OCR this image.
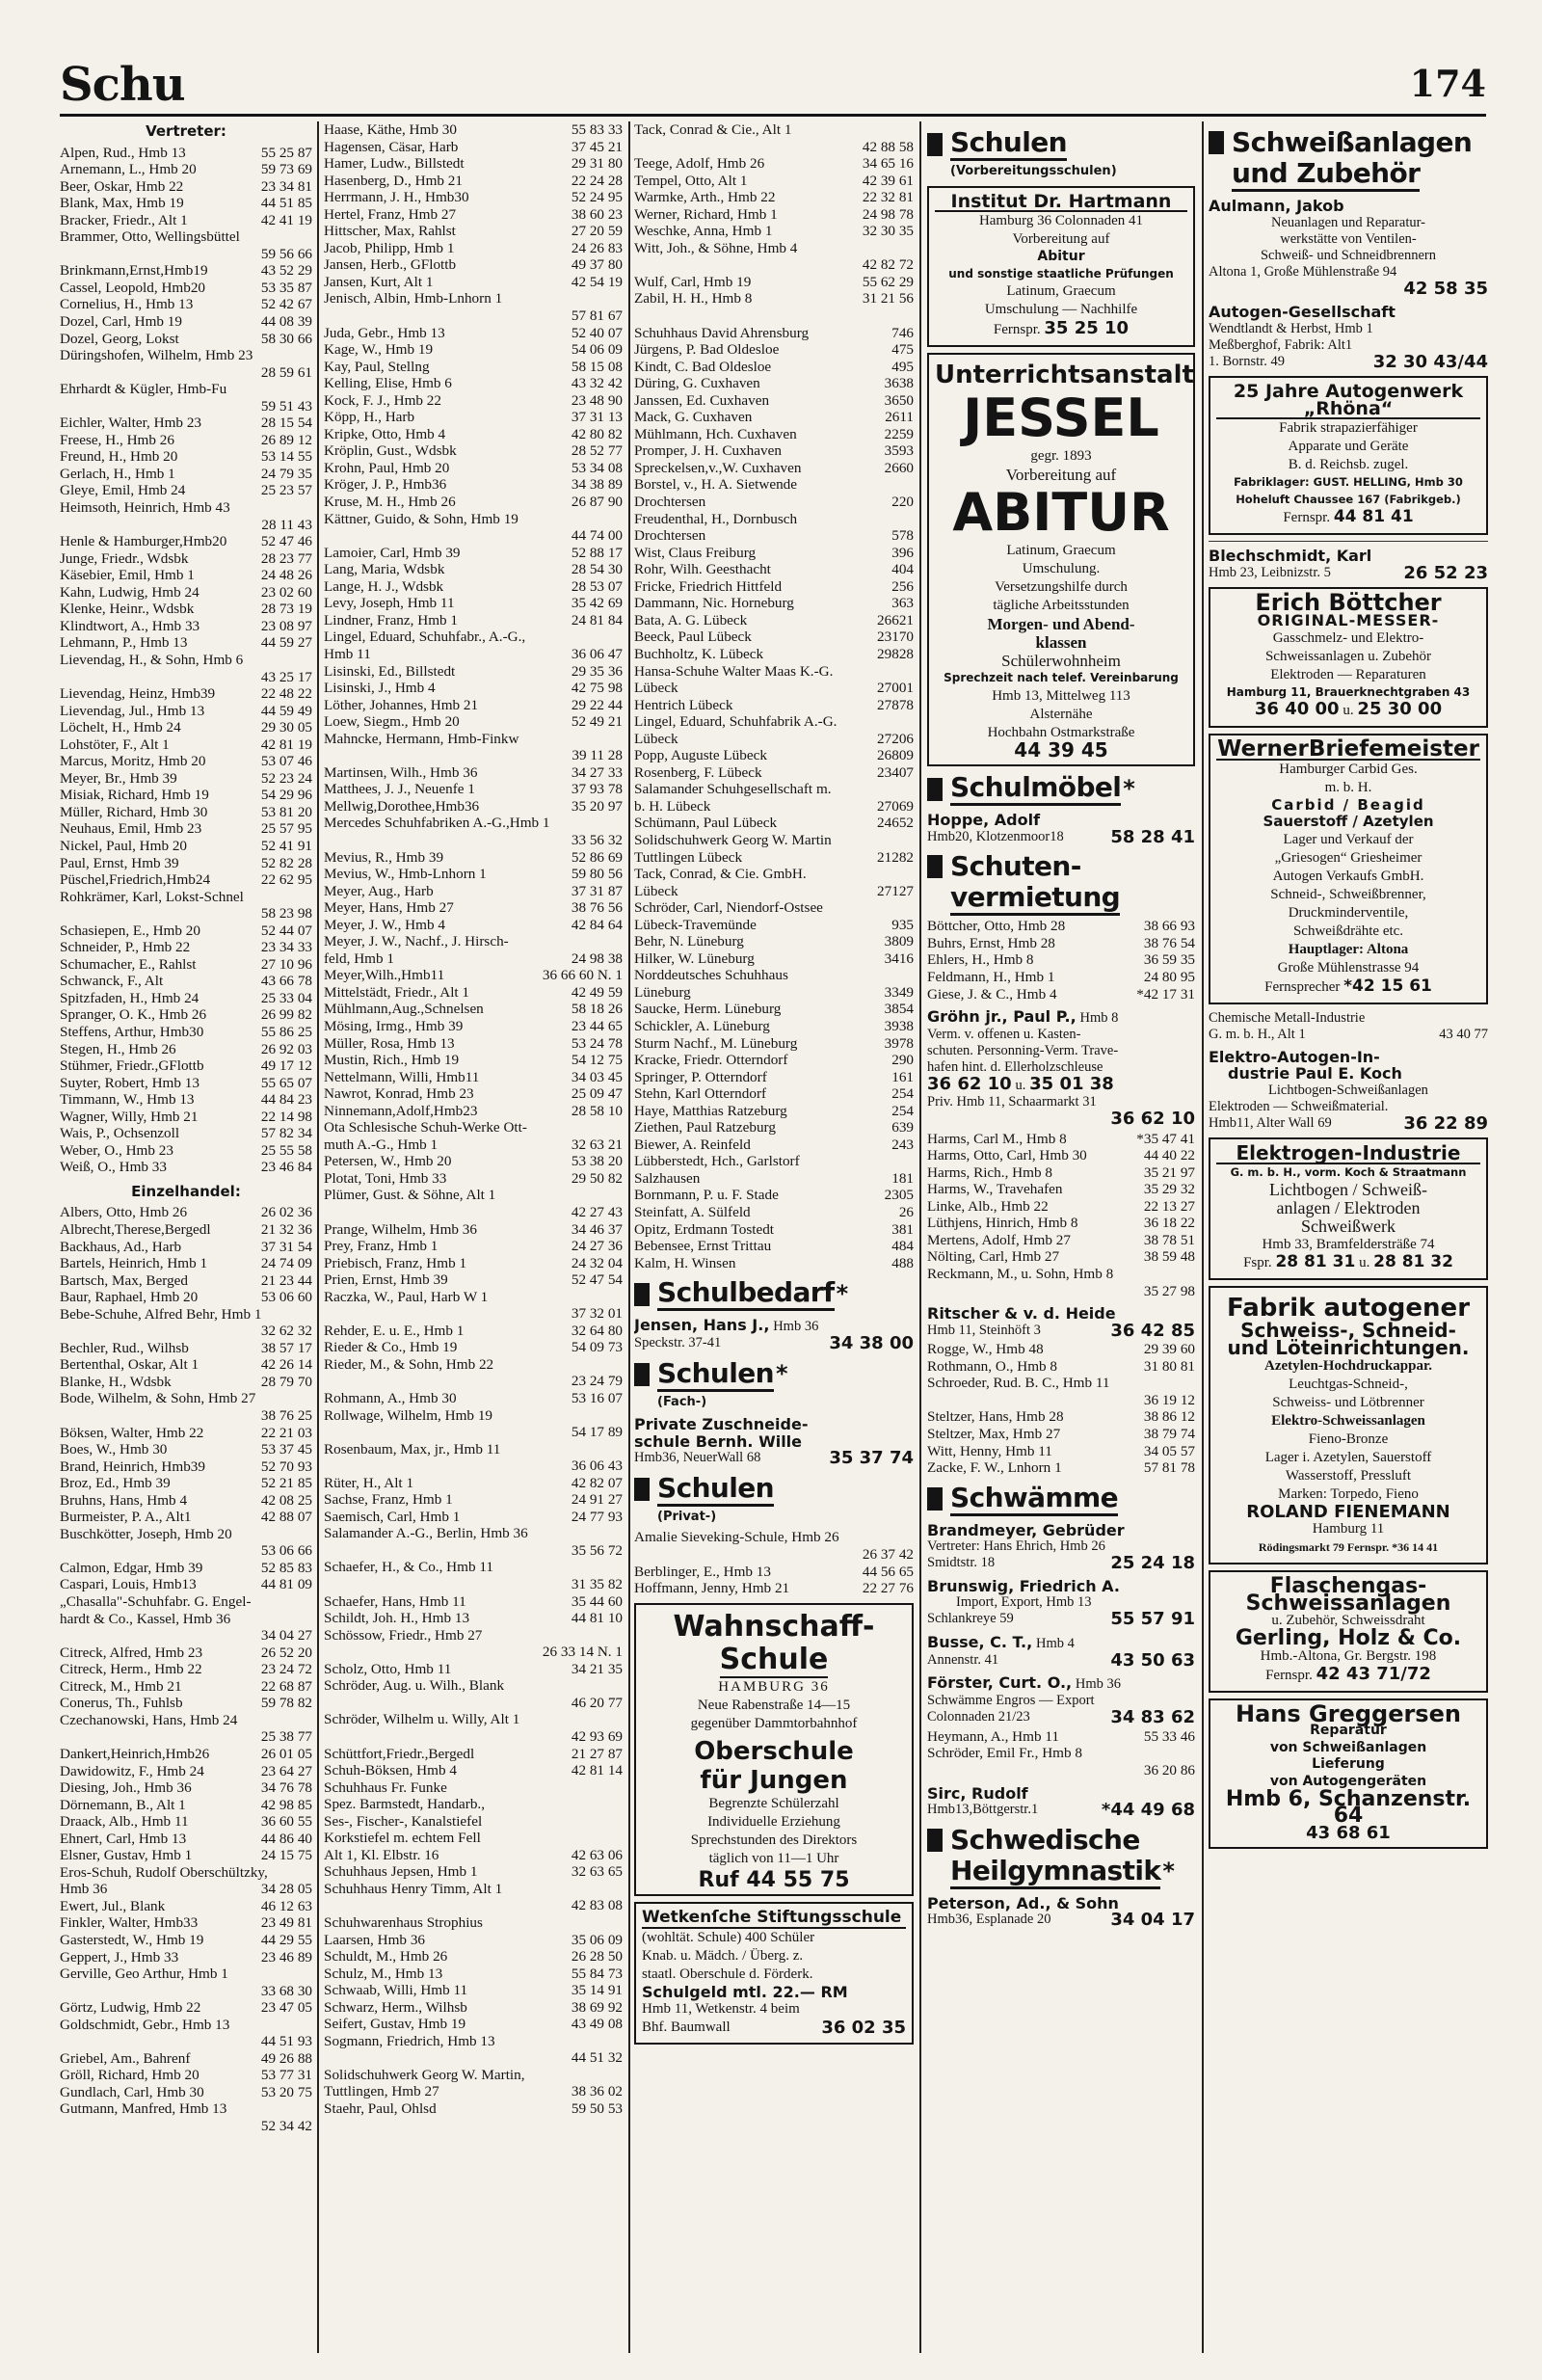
Schu	174
Vertreter:
Alpen, Rud., Hmb 13	55 25 87
Arnemann, L., Hmb 20	59 73 69
Beer, Oskar, Hmb 22	23 34 81
Blank, Max, Hmb 19	44 51 85
Bracker, Friedr., Alt 1	42 41 19
Brammer, Otto, Wellingsbüttel
59 56 66
Brinkmann,Ernst,Hmb19	43 52 29
Cassel, Leopold, Hmb20	53 35 87
Cornelius, H., Hmb 13	52 42 67
Dozel, Carl, Hmb 19	44 08 39
Dozel, Georg, Lokst	58 30 66
Düringshofen, Wilhelm, Hmb 23
28 59 61
Ehrhardt & Kügler, Hmb-Fu
59 51 43
Eichler, Walter, Hmb 23	28 15 54
Freese, H., Hmb 26	26 89 12
Freund, H., Hmb 20	53 14 55
Gerlach, H., Hmb 1	24 79 35
Gleye, Emil, Hmb 24	25 23 57
Heimsoth, Heinrich, Hmb 43
28 11 43
Henle & Hamburger,Hmb20	52 47 46
Junge, Friedr., Wdsbk	28 23 77
Käsebier, Emil, Hmb 1	24 48 26
Kahn, Ludwig, Hmb 24	23 02 60
Klenke, Heinr., Wdsbk	28 73 19
Klindtwort, A., Hmb 33	23 08 97
Lehmann, P., Hmb 13	44 59 27
Lievendag, H., & Sohn, Hmb 6
43 25 17
Lievendag, Heinz, Hmb39	22 48 22
Lievendag, Jul., Hmb 13	44 59 49
Löchelt, H., Hmb 24	29 30 05
Lohstöter, F., Alt 1	42 81 19
Marcus, Moritz, Hmb 20	53 07 46
Meyer, Br., Hmb 39	52 23 24
Misiak, Richard, Hmb 19	54 29 96
Müller, Richard, Hmb 30	53 81 20
Neuhaus, Emil, Hmb 23	25 57 95
Nickel, Paul, Hmb 20	52 41 91
Paul, Ernst, Hmb 39	52 82 28
Püschel,Friedrich,Hmb24	22 62 95
Rohkrämer, Karl, Lokst-Schnel
58 23 98
Schasiepen, E., Hmb 20	52 44 07
Schneider, P., Hmb 22	23 34 33
Schumacher, E., Rahlst	27 10 96
Schwanck, F., Alt	43 66 78
Spitzfaden, H., Hmb 24	25 33 04
Spranger, O. K., Hmb 26	26 99 82
Steffens, Arthur, Hmb30	55 86 25
Stegen, H., Hmb 26	26 92 03
Stühmer, Friedr.,GFlottb	49 17 12
Suyter, Robert, Hmb 13	55 65 07
Timmann, W., Hmb 13	44 84 23
Wagner, Willy, Hmb 21	22 14 98
Wais, P., Ochsenzoll	57 82 34
Weber, O., Hmb 23	25 55 58
Weiß, O., Hmb 33	23 46 84
Einzelhandel:
Albers, Otto, Hmb 26	26 02 36
Albrecht,Therese,Bergedl	21 32 36
Backhaus, Ad., Harb	37 31 54
Bartels, Heinrich, Hmb 1	24 74 09
Bartsch, Max, Berged	21 23 44
Baur, Raphael, Hmb 20	53 06 60
Bebe-Schuhe, Alfred Behr, Hmb 1
32 62 32
Bechler, Rud., Wilhsb	38 57 17
Bertenthal, Oskar, Alt 1	42 26 14
Blanke, H., Wdsbk	28 79 70
Bode, Wilhelm, & Sohn, Hmb 27
38 76 25
Böksen, Walter, Hmb 22	22 21 03
Boes, W., Hmb 30	53 37 45
Brand, Heinrich, Hmb39	52 70 93
Broz, Ed., Hmb 39	52 21 85
Bruhns, Hans, Hmb 4	42 08 25
Burmeister, P. A., Alt1	42 88 07
Buschkötter, Joseph, Hmb 20
53 06 66
Calmon, Edgar, Hmb 39	52 85 83
Caspari, Louis, Hmb13	44 81 09
„Chasalla"-Schuhfabr. G. Engel-
hardt & Co., Kassel, Hmb 36
34 04 27
Citreck, Alfred, Hmb 23	26 52 20
Citreck, Herm., Hmb 22	23 24 72
Citreck, M., Hmb 21	22 68 87
Conerus, Th., Fuhlsb	59 78 82
Czechanowski, Hans, Hmb 24
25 38 77
Dankert,Heinrich,Hmb26	26 01 05
Dawidowitz, F., Hmb 24	23 64 27
Diesing, Joh., Hmb 36	34 76 78
Dörnemann, B., Alt 1	42 98 85
Draack, Alb., Hmb 11	36 60 55
Ehnert, Carl, Hmb 13	44 86 40
Elsner, Gustav, Hmb 1	24 15 75
Eros-Schuh, Rudolf Oberschültzky,
Hmb 36	34 28 05
Ewert, Jul., Blank	46 12 63
Finkler, Walter, Hmb33	23 49 81
Gasterstedt, W., Hmb 19	44 29 55
Geppert, J., Hmb 33	23 46 89
Gerville, Geo Arthur, Hmb 1
33 68 30
Görtz, Ludwig, Hmb 22	23 47 05
Goldschmidt, Gebr., Hmb 13
44 51 93
Griebel, Am., Bahrenf	49 26 88
Gröll, Richard, Hmb 20	53 77 31
Gundlach, Carl, Hmb 30	53 20 75
Gutmann, Manfred, Hmb 13
52 34 42
Haase, Käthe, Hmb 30	55 83 33
Hagensen, Cäsar, Harb	37 45 21
Hamer, Ludw., Billstedt	29 31 80
Hasenberg, D., Hmb 21	22 24 28
Herrmann, J. H., Hmb30	52 24 95
Hertel, Franz, Hmb 27	38 60 23
Hittscher, Max, Rahlst	27 20 59
Jacob, Philipp, Hmb 1	24 26 83
Jansen, Herb., GFlottb	49 37 80
Jansen, Kurt, Alt 1	42 54 19
Jenisch, Albin, Hmb-Lnhorn 1
57 81 67
Juda, Gebr., Hmb 13	52 40 07
Kage, W., Hmb 19	54 06 09
Kay, Paul, Stellng	58 15 08
Kelling, Elise, Hmb 6	43 32 42
Kock, F. J., Hmb 22	23 48 90
Köpp, H., Harb	37 31 13
Kripke, Otto, Hmb 4	42 80 82
Kröplin, Gust., Wdsbk	28 52 77
Krohn, Paul, Hmb 20	53 34 08
Kröger, J. P., Hmb36	34 38 89
Kruse, M. H., Hmb 26	26 87 90
Kättner, Guido, & Sohn, Hmb 19
44 74 00
Lamoier, Carl, Hmb 39	52 88 17
Lang, Maria, Wdsbk	28 54 30
Lange, H. J., Wdsbk	28 53 07
Levy, Joseph, Hmb 11	35 42 69
Lindner, Franz, Hmb 1	24 81 84
Lingel, Eduard, Schuhfabr., A.-G.,
Hmb 11	36 06 47
Lisinski, Ed., Billstedt	29 35 36
Lisinski, J., Hmb 4	42 75 98
Löther, Johannes, Hmb 21	29 22 44
Loew, Siegm., Hmb 20	52 49 21
Mahncke, Hermann, Hmb-Finkw
39 11 28
Martinsen, Wilh., Hmb 36	34 27 33
Matthees, J. J., Neuenfe 1	37 93 78
Mellwig,Dorothee,Hmb36	35 20 97
Mercedes Schuhfabriken A.-G.,Hmb 1
33 56 32
Mevius, R., Hmb 39	52 86 69
Mevius, W., Hmb-Lnhorn 1	59 80 56
Meyer, Aug., Harb	37 31 87
Meyer, Hans, Hmb 27	38 76 56
Meyer, J. W., Hmb 4	42 84 64
Meyer, J. W., Nachf., J. Hirsch-
feld, Hmb 1	24 98 38
Meyer,Wilh.,Hmb11	36 66 60 N. 1
Mittelstädt, Friedr., Alt 1	42 49 59
Mühlmann,Aug.,Schnelsen	58 18 26
Mösing, Irmg., Hmb 39	23 44 65
Müller, Rosa, Hmb 13	53 24 78
Mustin, Rich., Hmb 19	54 12 75
Nettelmann, Willi, Hmb11	34 03 45
Nawrot, Konrad, Hmb 23	25 09 47
Ninnemann,Adolf,Hmb23	28 58 10
Ota Schlesische Schuh-Werke Ott-
muth A.-G., Hmb 1	32 63 21
Petersen, W., Hmb 20	53 38 20
Plotat, Toni, Hmb 33	29 50 82
Plümer, Gust. & Söhne, Alt 1
42 27 43
Prange, Wilhelm, Hmb 36	34 46 37
Prey, Franz, Hmb 1	24 27 36
Priebisch, Franz, Hmb 1	24 32 04
Prien, Ernst, Hmb 39	52 47 54
Raczka, W., Paul, Harb W 1
37 32 01
Rehder, E. u. E., Hmb 1	32 64 80
Rieder & Co., Hmb 19	54 09 73
Rieder, M., & Sohn, Hmb 22
23 24 79
Rohmann, A., Hmb 30	53 16 07
Rollwage, Wilhelm, Hmb 19
54 17 89
Rosenbaum, Max, jr., Hmb 11
36 06 43
Rüter, H., Alt 1	42 82 07
Sachse, Franz, Hmb 1	24 91 27
Saemisch, Carl, Hmb 1	24 77 93
Salamander A.-G., Berlin, Hmb 36
35 56 72
Schaefer, H., & Co., Hmb 11
31 35 82
Schaefer, Hans, Hmb 11	35 44 60
Schildt, Joh. H., Hmb 13	44 81 10
Schössow, Friedr., Hmb 27
26 33 14 N. 1
Scholz, Otto, Hmb 11	34 21 35
Schröder, Aug. u. Wilh., Blank
46 20 77
Schröder, Wilhelm u. Willy, Alt 1
42 93 69
Schüttfort,Friedr.,Bergedl	21 27 87
Schuh-Böksen, Hmb 4	42 81 14
Schuhhaus Fr. Funke
Spez. Barmstedt, Handarb.,
Ses-, Fischer-, Kanalstiefel
Korkstiefel m. echtem Fell
Alt 1, Kl. Elbstr. 16	42 63 06
Schuhhaus Jepsen, Hmb 1	32 63 65
Schuhhaus Henry Timm, Alt 1
42 83 08
Schuhwarenhaus Strophius
Laarsen, Hmb 36	35 06 09
Schuldt, M., Hmb 26	26 28 50
Schulz, M., Hmb 13	55 84 73
Schwaab, Willi, Hmb 11	35 14 91
Schwarz, Herm., Wilhsb	38 69 92
Seifert, Gustav, Hmb 19	43 49 08
Sogmann, Friedrich, Hmb 13
44 51 32
Solidschuhwerk Georg W. Martin,
Tuttlingen, Hmb 27	38 36 02
Staehr, Paul, Ohlsd	59 50 53
Tack, Conrad & Cie., Alt 1
42 88 58
Teege, Adolf, Hmb 26	34 65 16
Tempel, Otto, Alt 1	42 39 61
Warmke, Arth., Hmb 22	22 32 81
Werner, Richard, Hmb 1	24 98 78
Weschke, Anna, Hmb 1	32 30 35
Witt, Joh., & Söhne, Hmb 4
42 82 72
Wulf, Carl, Hmb 19	55 62 29
Zabil, H. H., Hmb 8	31 21 56

Schuhhaus David Ahrensburg	746
Jürgens, P. Bad Oldesloe	475
Kindt, C. Bad Oldesloe	495
Düring, G. Cuxhaven	3638
Janssen, Ed. Cuxhaven	3650
Mack, G. Cuxhaven	2611
Mühlmann, Hch. Cuxhaven	2259
Promper, J. H. Cuxhaven	3593
Spreckelsen,v.,W. Cuxhaven	2660
Borstel, v., H. A. Sietwende
Drochtersen	220
Freudenthal, H., Dornbusch
Drochtersen	578
Wist, Claus Freiburg	396
Rohr, Wilh. Geesthacht	404
Fricke, Friedrich Hittfeld	256
Dammann, Nic. Horneburg	363
Bata, A. G. Lübeck	26621
Beeck, Paul Lübeck	23170
Buchholtz, K. Lübeck	29828
Hansa-Schuhe Walter Maas K.-G.
Lübeck	27001
Hentrich Lübeck	27878
Lingel, Eduard, Schuhfabrik A.-G.
Lübeck	27206
Popp, Auguste Lübeck	26809
Rosenberg, F. Lübeck	23407
Salamander Schuhgesellschaft m.
b. H. Lübeck	27069
Schümann, Paul Lübeck	24652
Solidschuhwerk Georg W. Martin
Tuttlingen Lübeck	21282
Tack, Conrad, & Cie. GmbH.
Lübeck	27127
Schröder, Carl, Niendorf-Ostsee
Lübeck-Travemünde	935
Behr, N. Lüneburg	3809
Hilker, W. Lüneburg	3416
Norddeutsches Schuhhaus
Lüneburg	3349
Saucke, Herm. Lüneburg	3854
Schickler, A. Lüneburg	3938
Sturm Nachf., M. Lüneburg	3978
Kracke, Friedr. Otterndorf	290
Springer, P. Otterndorf	161
Stehn, Karl Otterndorf	254
Haye, Matthias Ratzeburg	254
Ziethen, Paul Ratzeburg	639
Biewer, A. Reinfeld	243
Lübberstedt, Hch., Garlstorf
Salzhausen	181
Bornmann, P. u. F. Stade	2305
Steinfatt, A. Sülfeld	26
Opitz, Erdmann Tostedt	381
Bebensee, Ernst Trittau	484
Kalm, H. Winsen	488
Schulbedarf *
Jensen, Hans J., Hmb 36
Speckstr. 37-41	34 38 00
Schulen *
(Fach-)
Private Zuschneide-
schule Bernh. Wille
Hmb36, NeuerWall 68	35 37 74
Schulen
(Privat-)
Amalie Sieveking-Schule, Hmb 26
26 37 42
Berblinger, E., Hmb 13	44 56 65
Hoffmann, Jenny, Hmb 21	22 27 76
Wahnschaff-
Schule
HAMBURG 36
Neue Rabenstraße 14—15
gegenüber Dammtorbahnhof
Oberschule
für Jungen
Begrenzte Schülerzahl
Individuelle Erziehung
Sprechstunden des Direktors
täglich von 11—1 Uhr
Ruf 44 55 75
Wetkenſche Stiftungsschule
(wohltät. Schule) 400 Schüler
Knab. u. Mädch. / Überg. z.
staatl. Oberschule d. Förderk.
Schulgeld mtl. 22.— RM
Hmb 11, Wetkenstr. 4 beim
Bhf. Baumwall	36 02 35
Schulen
(Vorbereitungsschulen)
Institut Dr. Hartmann
Hamburg 36 Colonnaden 41
Vorbereitung auf
Abitur
und sonstige staatliche Prüfungen
Latinum, Graecum
Umschulung — Nachhilfe
Fernspr. 35 25 10
Unterrichtsanstalt
JESSEL
gegr. 1893
Vorbereitung auf
ABITUR
Latinum, Graecum
Umschulung.
Versetzungshilfe durch
tägliche Arbeitsstunden
Morgen- und Abend-
klassen
Schülerwohnheim
Sprechzeit nach telef. Vereinbarung
Hmb 13, Mittelweg 113
Alsternähe
Hochbahn Ostmarkstraße
44 39 45
Schulmöbel *
Hoppe, Adolf
Hmb20, Klotzenmoor18	58 28 41
Schuten-
vermietung
Böttcher, Otto, Hmb 28	38 66 93
Buhrs, Ernst, Hmb 28	38 76 54
Ehlers, H., Hmb 8	36 59 35
Feldmann, H., Hmb 1	24 80 95
Giese, J. & C., Hmb 4	*42 17 31
Gröhn jr., Paul P., Hmb 8
Verm. v. offenen u. Kasten-
schuten. Personning-Verm. Trave-
hafen hint. d. Ellerholzschleuse
36 62 10 u. 35 01 38
Priv. Hmb 11, Schaarmarkt 31
36 62 10
Harms, Carl M., Hmb 8	*35 47 41
Harms, Otto, Carl, Hmb 30	44 40 22
Harms, Rich., Hmb 8	35 21 97
Harms, W., Travehafen	35 29 32
Linke, Alb., Hmb 22	22 13 27
Lüthjens, Hinrich, Hmb 8	36 18 22
Mertens, Adolf, Hmb 27	38 78 51
Nölting, Carl, Hmb 27	38 59 48
Reckmann, M., u. Sohn, Hmb 8
35 27 98
Ritscher & v. d. Heide
Hmb 11, Steinhöft 3	36 42 85
Rogge, W., Hmb 48	29 39 60
Rothmann, O., Hmb 8	31 80 81
Schroeder, Rud. B. C., Hmb 11
36 19 12
Steltzer, Hans, Hmb 28	38 86 12
Steltzer, Max, Hmb 27	38 79 74
Witt, Henny, Hmb 11	34 05 57
Zacke, F. W., Lnhorn 1	57 81 78
Schwämme
Brandmeyer, Gebrüder
Vertreter: Hans Ehrich, Hmb 26
Smidtstr. 18	25 24 18
Brunswig, Friedrich A.
Import, Export, Hmb 13
Schlankreye 59	55 57 91
Busse, C. T., Hmb 4
Annenstr. 41	43 50 63
Förster, Curt. O., Hmb 36
Schwämme Engros — Export
Colonnaden 21/23	34 83 62
Heymann, A., Hmb 11	55 33 46
Schröder, Emil Fr., Hmb 8
36 20 86
Sirc, Rudolf
Hmb13,Böttgerstr.1	*44 49 68
Schwedische
Heilgymnastik *
Peterson, Ad., & Sohn
Hmb36, Esplanade 20	34 04 17
Schweißanlagen
und Zubehör
Aulmann, Jakob
Neuanlagen und Reparatur-
werkstätte von Ventilen-
Schweiß- und Schneidbrennern
Altona 1, Große Mühlenstraße 94
42 58 35
Autogen-Gesellschaft
Wendtlandt & Herbst, Hmb 1
Meßberghof, Fabrik: Alt1
1. Bornstr. 49	32 30 43/44
25 Jahre Autogenwerk „Rhöna“
Fabrik strapazierfähiger
Apparate und Geräte
B. d. Reichsb. zugel.
Fabriklager: GUST. HELLING, Hmb 30
Hoheluft Chaussee 167 (Fabrikgeb.)
Fernspr. 44 81 41
Blechschmidt, Karl
Hmb 23, Leibnizstr. 5	26 52 23
Erich Böttcher
ORIGINAL-MESSER-
Gasschmelz- und Elektro-
Schweissanlagen u. Zubehör
Elektroden — Reparaturen
Hamburg 11, Brauerknechtgraben 43
36 40 00 u. 25 30 00
WernerBriefemeister
Hamburger Carbid Ges.
m. b. H.
Carbid / Beagid
Sauerstoff / Azetylen
Lager und Verkauf der
„Griesogen“ Griesheimer
Autogen Verkaufs GmbH.
Schneid-, Schweißbrenner,
Druckminderventile,
Schweißdrähte etc.
Hauptlager: Altona
Große Mühlenstrasse 94
Fernsprecher *42 15 61
Chemische Metall-Industrie
G. m. b. H., Alt 1	43 40 77
Elektro-Autogen-In-
dustrie Paul E. Koch
Lichtbogen-Schweißanlagen
Elektroden — Schweißmaterial.
Hmb11, Alter Wall 69	36 22 89
Elektrogen-Industrie
G. m. b. H., vorm. Koch & Straatmann
Lichtbogen / Schweiß-
anlagen / Elektroden
Schweißwerk
Hmb 33, Bramfeldersträße 74
Fspr. 28 81 31 u. 28 81 32
Fabrik autogener
Schweiss-, Schneid-
und Löteinrichtungen.
Azetylen-Hochdruckappar.
Leuchtgas-Schneid-,
Schweiss- und Lötbrenner
Elektro-Schweissanlagen
Fieno-Bronze
Lager i. Azetylen, Sauerstoff
Wasserstoff, Pressluft
Marken: Torpedo, Fieno
ROLAND FIENEMANN
Hamburg 11
Rödingsmarkt 79 Fernspr. *36 14 41
Flaschengas-
Schweissanlagen
u. Zubehör, Schweissdraht
Gerling, Holz & Co.
Hmb.-Altona, Gr. Bergstr. 198
Fernspr. 42 43 71/72
Hans Greggersen
Reparatur
von Schweißanlagen
Lieferung
von Autogengeräten
Hmb 6, Schanzenstr. 64
43 68 61
